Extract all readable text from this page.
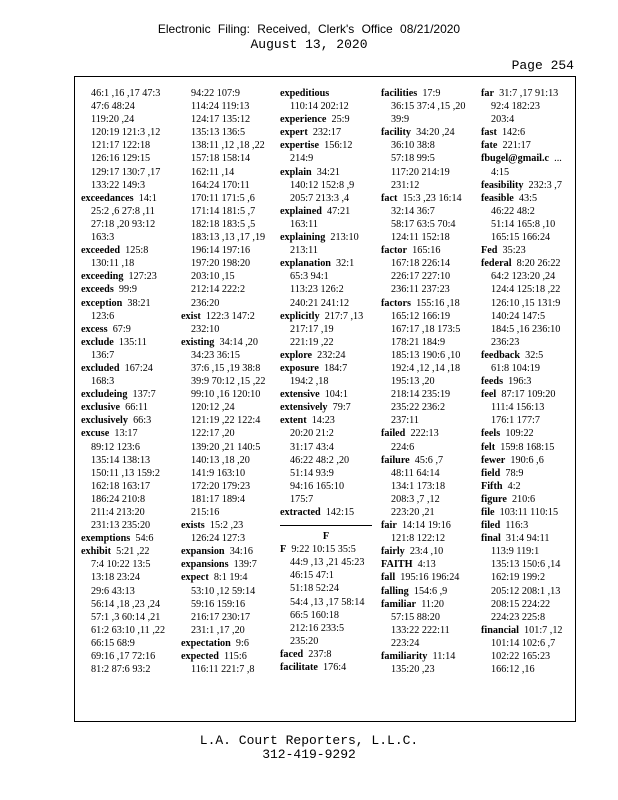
Electronic Filing: Received, Clerk's Office 08/21/2020
August 13, 2020
Page 254
46:1 ,16 ,17 47:3
47:6 48:24
119:20 ,24
120:19 121:3 ,12
121:17 122:18
126:16 129:15
129:17 130:7 ,17
133:22 149:3
exceedances 14:1
25:2 ,6 27:8 ,11
27:18 ,20 93:12
163:3
exceeded 125:8
130:11 ,18
exceeding 127:23
exceeds 99:9
exception 38:21
123:6
excess 67:9
exclude 135:11
136:7
excluded 167:24
168:3
excludeing 137:7
exclusive 66:11
exclusively 66:3
excuse 13:17
89:12 123:6
135:14 138:13
150:11 ,13 159:2
162:18 163:17
186:24 210:8
211:4 213:20
231:13 235:20
exemptions 54:6
exhibit 5:21 ,22
7:4 10:22 13:5
13:18 23:24
29:6 43:13
56:14 ,18 ,23 ,24
57:1 ,3 60:14 ,21
61:2 63:10 ,11 ,22
66:15 68:9
69:16 ,17 72:16
81:2 87:6 93:2
94:22 107:9
114:24 119:13
124:17 135:12
135:13 136:5
138:11 ,12 ,18 ,22
157:18 158:14
162:11 ,14
164:24 170:11
170:11 171:5 ,6
171:14 181:5 ,7
182:18 183:5 ,5
183:13 ,13 ,17 ,19
196:14 197:16
197:20 198:20
203:10 ,15
212:14 222:2
236:20
exist 122:3 147:2
232:10
existing 34:14 ,20
34:23 36:15
37:6 ,15 ,19 38:8
39:9 70:12 ,15 ,22
99:10 ,16 120:10
120:12 ,24
121:19 ,22 122:4
122:17 ,20
139:20 ,21 140:5
140:13 ,18 ,20
141:9 163:10
172:20 179:23
181:17 189:4
215:16
exists 15:2 ,23
126:24 127:3
expansion 34:16
expansions 139:7
expect 8:1 19:4
53:10 ,12 59:14
59:16 159:16
216:17 230:17
231:1 ,17 ,20
expectation 9:6
expected 115:6
116:11 221:7 ,8
expeditious
110:14 202:12
experience 25:9
expert 232:17
expertise 156:12
214:9
explain 34:21
140:12 152:8 ,9
205:7 213:3 ,4
explained 47:21
163:11
explaining 213:10
213:11
explanation 32:1
65:3 94:1
113:23 126:2
240:21 241:12
explicitly 217:7 ,13
217:17 ,19
221:19 ,22
explore 232:24
exposure 184:7
194:2 ,18
extensive 104:1
extensively 79:7
extent 14:23
20:20 21:2
31:17 43:4
46:22 48:2 ,20
51:14 93:9
94:16 165:10
175:7
extracted 142:15
F
F 9:22 10:15 35:5
44:9 ,13 ,21 45:23
46:15 47:1
51:18 52:24
54:4 ,13 ,17 58:14
66:5 160:18
212:16 233:5
235:20
faced 237:8
facilitate 176:4
facilities 17:9
36:15 37:4 ,15 ,20
39:9
facility 34:20 ,24
36:10 38:8
57:18 99:5
117:20 214:19
231:12
fact 15:3 ,23 16:14
32:14 36:7
58:17 63:5 70:4
124:11 152:18
factor 165:16
167:18 226:14
226:17 227:10
236:11 237:23
factors 155:16 ,18
165:12 166:19
167:17 ,18 173:5
178:21 184:9
185:13 190:6 ,10
192:4 ,12 ,14 ,18
195:13 ,20
218:14 235:19
235:22 236:2
237:11
failed 222:13
224:6
failure 45:6 ,7
48:11 64:14
134:1 173:18
208:3 ,7 ,12
223:20 ,21
fair 14:14 19:16
121:8 122:12
fairly 23:4 ,10
FAITH 4:13
fall 195:16 196:24
falling 154:6 ,9
familiar 11:20
57:15 88:20
133:22 222:11
223:24
familiarity 11:14
135:20 ,23
far 31:7 ,17 91:13
92:4 182:23
203:4
fast 142:6
fate 221:17
fbugel@gmail.c ...
4:15
feasibility 232:3 ,7
feasible 43:5
46:22 48:2
51:14 165:8 ,10
165:15 166:24
Fed 35:23
federal 8:20 26:22
64:2 123:20 ,24
124:4 125:18 ,22
126:10 ,15 131:9
140:24 147:5
184:5 ,16 236:10
236:23
feedback 32:5
61:8 104:19
feeds 196:3
feel 87:17 109:20
111:4 156:13
176:1 177:7
feels 109:22
felt 159:8 168:15
fewer 190:6 ,6
field 78:9
Fifth 4:2
figure 210:6
file 103:11 110:15
filed 116:3
final 31:4 94:11
113:9 119:1
135:13 150:6 ,14
162:19 199:2
205:12 208:1 ,13
208:15 224:22
224:23 225:8
financial 101:7 ,12
101:14 102:6 ,7
102:22 165:23
166:12 ,16
L.A. Court Reporters, L.L.C.
312-419-9292
